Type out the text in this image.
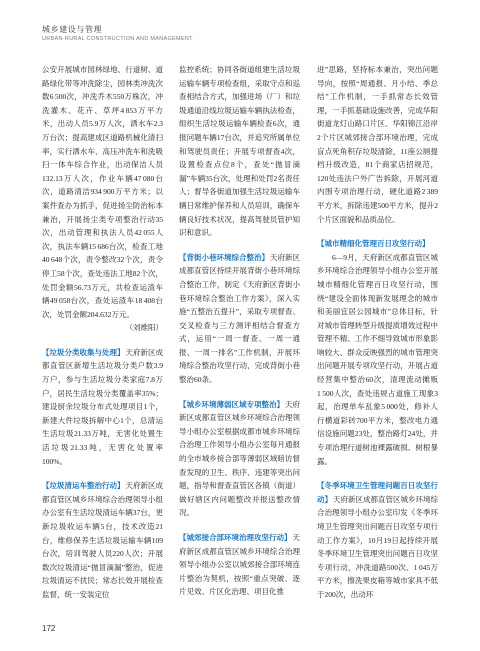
城乡建设与管理
URBAN-RURAL CONSTRUCTION AND MANAGEMENT

公安开展城市园林绿地、行道树、道路绿化带等冲洗除尘，园林类冲洗次数6 500次，冲洗乔木550万株次，冲洗灌木、花卉、草坪4 853万平方米，出动人员5.9万人次，洒水车2.3万台次；提高建成区道路机械化清扫率，实行洒水车、高压冲洗车和洗吸扫一体车综合作业，出动保洁人员132.13万人次，作业车辆47 080台次，道路清洁934 900万平方米；以案件查办为抓手，促进扬尘防治标本兼治，开展扬尘类专项整治行动35次，出动管理和执法人员42 055人次，执法车辆15 686台次，检查工地40 648个次，责令整改32个次，责令停工58个次，查处违法工地82个次，处罚金额56.73万元，共检查运渣车辆49 058台次，查处运渣车18 408台次，处罚金额204.632万元。

（刘维阳）

【垃圾分类收集与处理】天府新区成都直管区新增生活垃圾分类户数3.9万户，参与生活垃圾分类家庭7.8万户，居民生活垃圾分类覆盖率35%；建设厨余垃圾分布式处理项目1个，新建大件垃圾拆解中心1个，总清运生活垃圾21.33万吨，无害化处置生活垃圾21.33吨，无害化处置率100%。

【垃圾清运车整治行动】天府新区成都直管区城乡环境综合治理领导小组办公室有生活垃圾清运车辆37台，更新垃圾收运车辆5台，技术改造21台，维修保养生活垃圾运输车辆109台次，培训驾驶人员220人次；开展数次垃圾清运“抛冒滴漏”整治，促进垃圾清运不扰民；常态长效开展检查监督，统一安装定位

监控系统；协同各街道组建生活垃圾运输车辆专项检查组，采取守点和巡查相结合方式，加强进场（厂）和垃圾通道沿线垃圾运输车辆执法检查，组织生活垃圾运输车辆检查6次，通报问题车辆17台次，并追究所属单位和驾驶员责任；开展专项督查4次，设置检查点位8个，查处“抛冒滴漏”车辆35台次，处理和处罚2名责任人；督导各街道加强生活垃圾运输车辆日常维护保养和人员培训，确保车辆良好技术状况，提高驾驶员管护知识和意识。

【背街小巷环境综合整治】天府新区成都直管区持续开展背街小巷环境综合整治工作，制定《天府新区背街小巷环境综合整治工作方案》，深入实施“五整治五提升”，采取专项督查、交叉检查与三方测评相结合督查方式，运用“一周一督查、一周一通报、一周一排名”工作机制，开展环境综合整治攻坚行动，完成背街小巷整治60条。

【城乡环境薄弱区域专项整治】天府新区成都直管区城乡环境综合治理领导小组办公室根据成都市城乡环境综合治理工作领导小组办公室每月通报的全市城乡接合部等薄弱区域暗访督查发现的卫生、秩序、违建等突出问题，指导和督查直管区各镇（街道）做好辖区内问题整改并报送整改情况。

【城郊接合部环境治理攻坚行动】天府新区成都直管区城乡环境综合治理领导小组办公室以城郊接合部环境连片整治为契机，按照“重点突破、逐片见效、片区化治理、项目化推

进”思路，坚持标本兼治，突出问题导向，按照“周通报、月小结、季总结”工作机制，一手抓常态长效管理，一手抓基础设施改善，完成华阳街道龙灯山路口片区、华阳锦江沿岸2个片区城郊接合部环境治理，完成盲点死角积存垃圾清除，11座公厕提档升级改造，81个商家店招规范，120处违法户外广告拆除，开展河道内围专项治理行动，硬化道路2 389平方米，拆除违建500平方米，提升2个片区面貌和品质品位。

【城市精细化管理百日攻坚行动】

6—9月，天府新区成都直管区城乡环境综合治理领导小组办公室开展城市精细化管理百日攻坚行动，围绕“建设全面体现新发展理念的城市和美丽宜居公园城市”总体目标，针对城市管理转型升级提质增效过程中管理不精、工作不细导致城市形象影响较大、群众反映强烈的城市管理突出问题开展专项攻坚行动，开展占道经营集中整治60次，清理流动摊贩1 500人次，查处违规占道施工现象3起，治理单车乱象5 000处，修补人行横道彩砖700平方米，整改电力通信设施问题23处，整治路灯24处，并专项治理行道树池裸露破损、树根暴露。

【冬季环境卫生管理问题百日攻坚行动】天府新区成都直管区城乡环境综合治理领导小组办公室印发《冬季环境卫生管理突出问题百日攻坚专项行动工作方案》，10月19日起持续开展冬季环境卫生管理突出问题百日攻坚专项行动，冲洗道路500次、1 045万平方米，擦洗果皮箱等城市家具不低于200次，出动环

172
